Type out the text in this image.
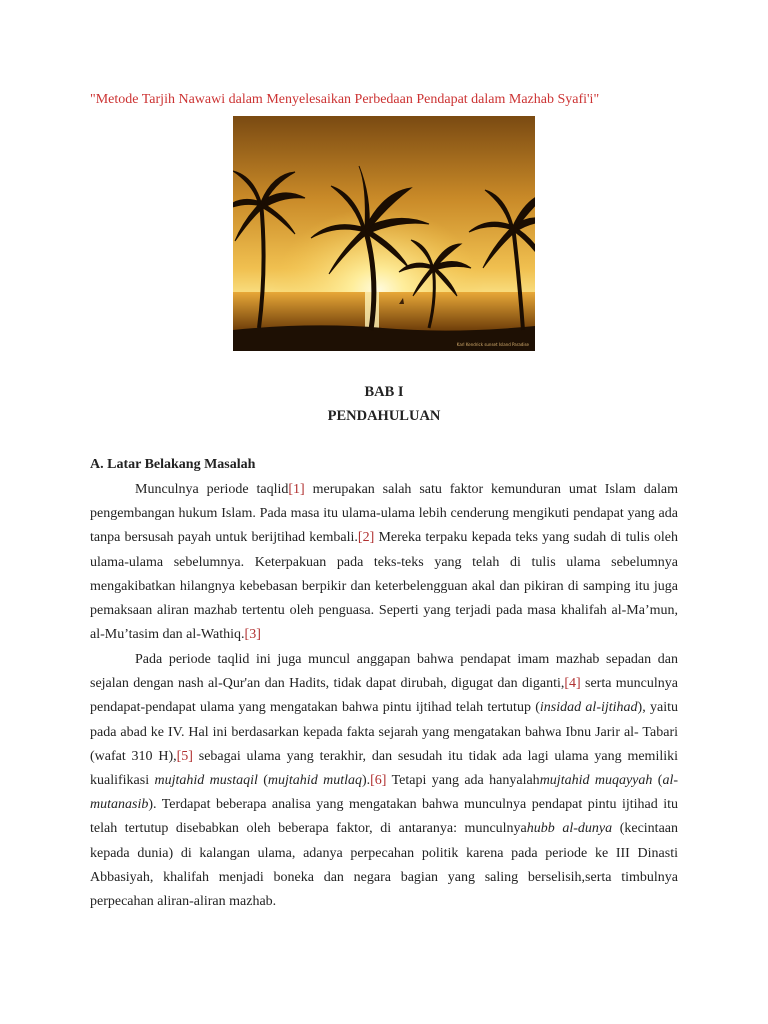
"Metode Tarjih Nawawi dalam Menyelesaikan Perbedaan Pendapat dalam Mazhab Syafi'i"
Karl Kendrick sunset Island Paradise
BAB I
PENDAHULUAN
A. Latar Belakang Masalah
Munculnya periode taqlid[1] merupakan salah satu faktor kemunduran umat Islam dalam pengembangan hukum Islam. Pada masa itu ulama-ulama lebih cenderung mengikuti pendapat yang ada tanpa bersusah payah untuk berijtihad kembali.[2] Mereka terpaku kepada teks yang sudah di tulis oleh ulama-ulama sebelumnya. Keterpakuan pada teks-teks yang telah di tulis ulama sebelumnya mengakibatkan hilangnya kebebasan berpikir dan keterbelengguan akal dan pikiran di samping itu juga pemaksaan aliran mazhab tertentu oleh penguasa. Seperti yang terjadi pada masa khalifah al-Ma’mun, al-Mu’tasim dan al-Wathiq.[3]
Pada periode taqlid ini juga muncul anggapan bahwa pendapat imam mazhab sepadan dan sejalan dengan nash al-Qur'an dan Hadits, tidak dapat dirubah, digugat dan diganti,[4] serta munculnya pendapat-pendapat ulama yang mengatakan bahwa pintu ijtihad telah tertutup (insidad al-ijtihad), yaitu pada abad ke IV. Hal ini berdasarkan kepada fakta sejarah yang mengatakan bahwa Ibnu Jarir al- Tabari (wafat 310 H),[5] sebagai ulama yang terakhir, dan sesudah itu tidak ada lagi ulama yang memiliki kualifikasi mujtahid mustaqil (mujtahid mutlaq).[6] Tetapi yang ada hanyalahmujtahid muqayyah (al-mutanasib). Terdapat beberapa analisa yang mengatakan bahwa munculnya pendapat pintu ijtihad itu telah tertutup disebabkan oleh beberapa faktor, di antaranya: munculnyahubb al-dunya (kecintaan kepada dunia) di kalangan ulama, adanya perpecahan politik karena pada periode ke III Dinasti Abbasiyah, khalifah menjadi boneka dan negara bagian yang saling berselisih,serta timbulnya perpecahan aliran-aliran mazhab.
